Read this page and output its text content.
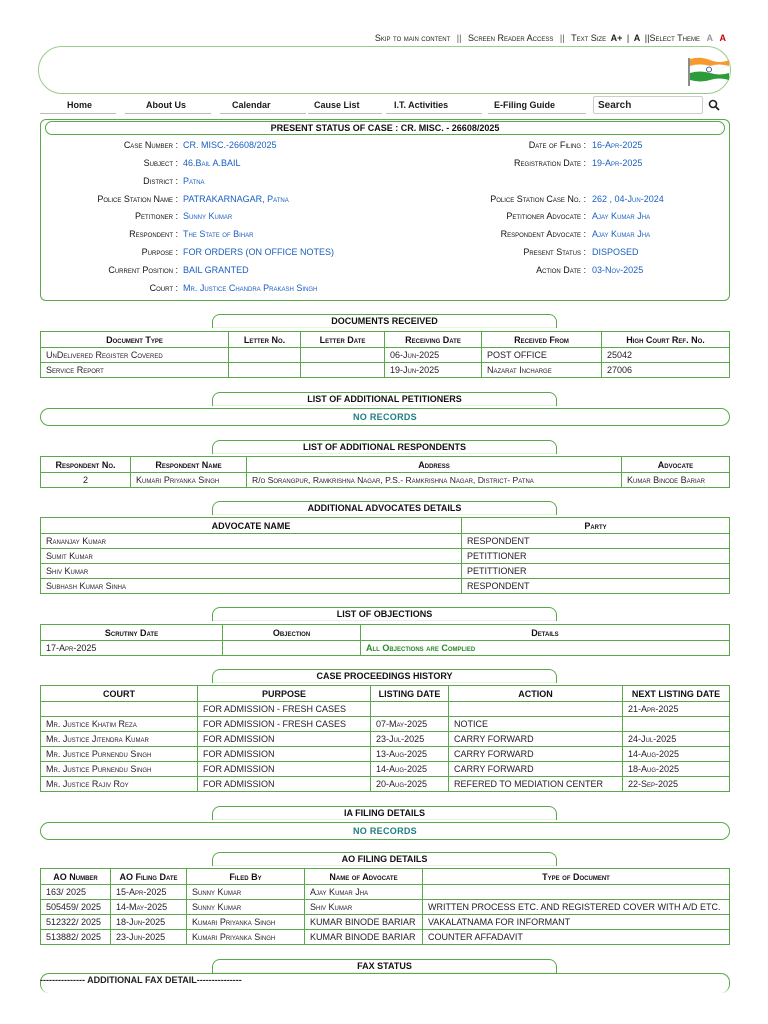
Skip to main content || Screen Reader Access || Text Size A+ | A ||Select Theme A A
Home	About Us	Calendar	Cause List	I.T. Activities	E-Filing Guide	Search
PRESENT STATUS OF CASE : CR. MISC. - 26608/2025
Case Number : CR. MISC.-26608/2025
Subject : 46.Bail A.BAIL
District : Patna
Police Station Name : PATRAKARNAGAR, Patna
Petitioner : Sunny Kumar
Respondent : The State of Bihar
Purpose : FOR ORDERS (ON OFFICE NOTES)
Current Position : BAIL GRANTED
Court : Mr. Justice Chandra Prakash Singh
Date of Filing : 16-Apr-2025
Registration Date : 19-Apr-2025
Police Station Case No. : 262 , 04-Jun-2024
Petitioner Advocate : Ajay Kumar Jha
Respondent Advocate : Ajay Kumar Jha
Present Status : DISPOSED
Action Date : 03-Nov-2025
DOCUMENTS RECEIVED
Document Type	Letter No.	Letter Date	Receiving Date	Received From	High Court Ref. No.
UnDelivered Register Covered			06-Jun-2025	POST OFFICE	25042
Service Report			19-Jun-2025	Nazarat Incharge	27006
LIST OF ADDITIONAL PETITIONERS
NO RECORDS
LIST OF ADDITIONAL RESPONDENTS
Respondent No.	Respondent Name	Address	Advocate
2	Kumari Priyanka Singh	R/o Sorangpur, Ramkrishna Nagar, P.S.- Ramkrishna Nagar, District- Patna	Kumar Binode Bariar
ADDITIONAL ADVOCATES DETAILS
ADVOCATE NAME	Party
Rananjay Kumar	RESPONDENT
Sumit Kumar	PETITTIONER
Shiv Kumar	PETITTIONER
Subhash Kumar Sinha	RESPONDENT
LIST OF OBJECTIONS
Scrutiny Date	Objection	Details
17-Apr-2025		All Objections are Complied
CASE PROCEEDINGS HISTORY
COURT	PURPOSE	LISTING DATE	ACTION	NEXT LISTING DATE
	FOR ADMISSION - FRESH CASES			21-Apr-2025
Mr. Justice Khatim Reza	FOR ADMISSION - FRESH CASES	07-May-2025	NOTICE	
Mr. Justice Jitendra Kumar	FOR ADMISSION	23-Jul-2025	CARRY FORWARD	24-Jul-2025
Mr. Justice Purnendu Singh	FOR ADMISSION	13-Aug-2025	CARRY FORWARD	14-Aug-2025
Mr. Justice Purnendu Singh	FOR ADMISSION	14-Aug-2025	CARRY FORWARD	18-Aug-2025
Mr. Justice Rajiv Roy	FOR ADMISSION	20-Aug-2025	REFERED TO MEDIATION CENTER	22-Sep-2025
IA FILING DETAILS
NO RECORDS
AO FILING DETAILS
AO Number	AO Filing Date	Filed By	Name of Advocate	Type of Document
163/ 2025	15-Apr-2025	Sunny Kumar	Ajay Kumar Jha	
505459/ 2025	14-May-2025	Sunny Kumar	Shiv Kumar	WRITTEN PROCESS ETC. AND REGISTERED COVER WITH A/D ETC.
512322/ 2025	18-Jun-2025	Kumari Priyanka Singh	KUMAR BINODE BARIAR	VAKALATNAMA FOR INFORMANT
513882/ 2025	23-Jun-2025	Kumari Priyanka Singh	KUMAR BINODE BARIAR	COUNTER AFFADAVIT
FAX STATUS
--------------- ADDITIONAL FAX DETAIL---------------
